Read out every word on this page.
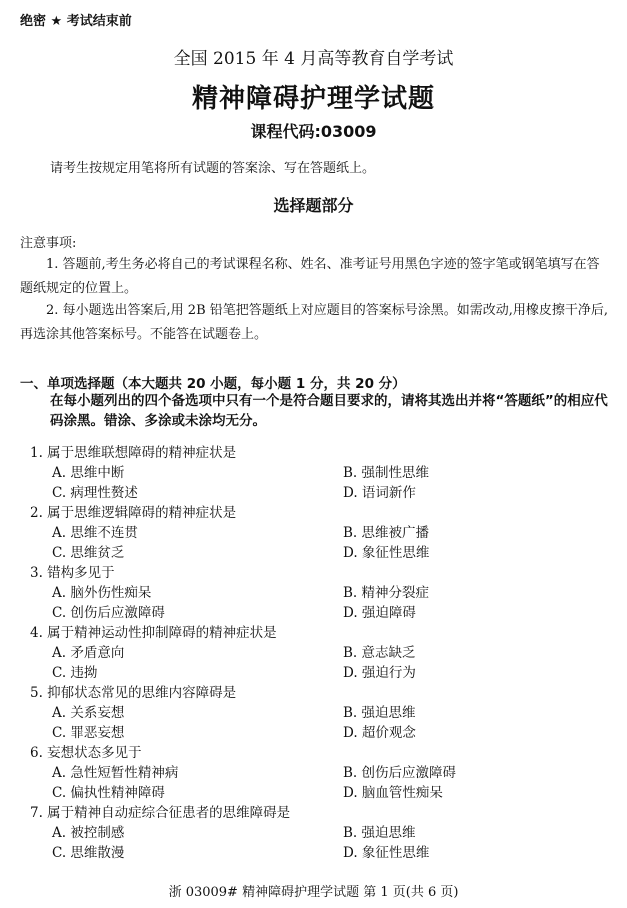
绝密 ★ 考试结束前
全国 2015 年 4 月高等教育自学考试
精神障碍护理学试题
课程代码:03009
请考生按规定用笔将所有试题的答案涂、写在答题纸上。
选择题部分
注意事项:
1. 答题前,考生务必将自己的考试课程名称、姓名、准考证号用黑色字迹的签字笔或钢笔填写在答题纸规定的位置上。
2. 每小题选出答案后,用 2B 铅笔把答题纸上对应题目的答案标号涂黑。如需改动,用橡皮擦干净后,再选涂其他答案标号。不能答在试题卷上。
一、单项选择题（本大题共 20 小题，每小题 1 分，共 20 分）
在每小题列出的四个备选项中只有一个是符合题目要求的，请将其选出并将“答题纸”的相应代码涂黑。错涂、多涂或未涂均无分。
1. 属于思维联想障碍的精神症状是
A. 思维中断	B. 强制性思维
C. 病理性赘述	D. 语词新作
2. 属于思维逻辑障碍的精神症状是
A. 思维不连贯	B. 思维被广播
C. 思维贫乏	D. 象征性思维
3. 错构多见于
A. 脑外伤性痴呆	B. 精神分裂症
C. 创伤后应激障碍	D. 强迫障碍
4. 属于精神运动性抑制障碍的精神症状是
A. 矛盾意向	B. 意志缺乏
C. 违拗	D. 强迫行为
5. 抑郁状态常见的思维内容障碍是
A. 关系妄想	B. 强迫思维
C. 罪恶妄想	D. 超价观念
6. 妄想状态多见于
A. 急性短暂性精神病	B. 创伤后应激障碍
C. 偏执性精神障碍	D. 脑血管性痴呆
7. 属于精神自动症综合征患者的思维障碍是
A. 被控制感	B. 强迫思维
C. 思维散漫	D. 象征性思维
浙 03009# 精神障碍护理学试题 第 1 页(共 6 页)
